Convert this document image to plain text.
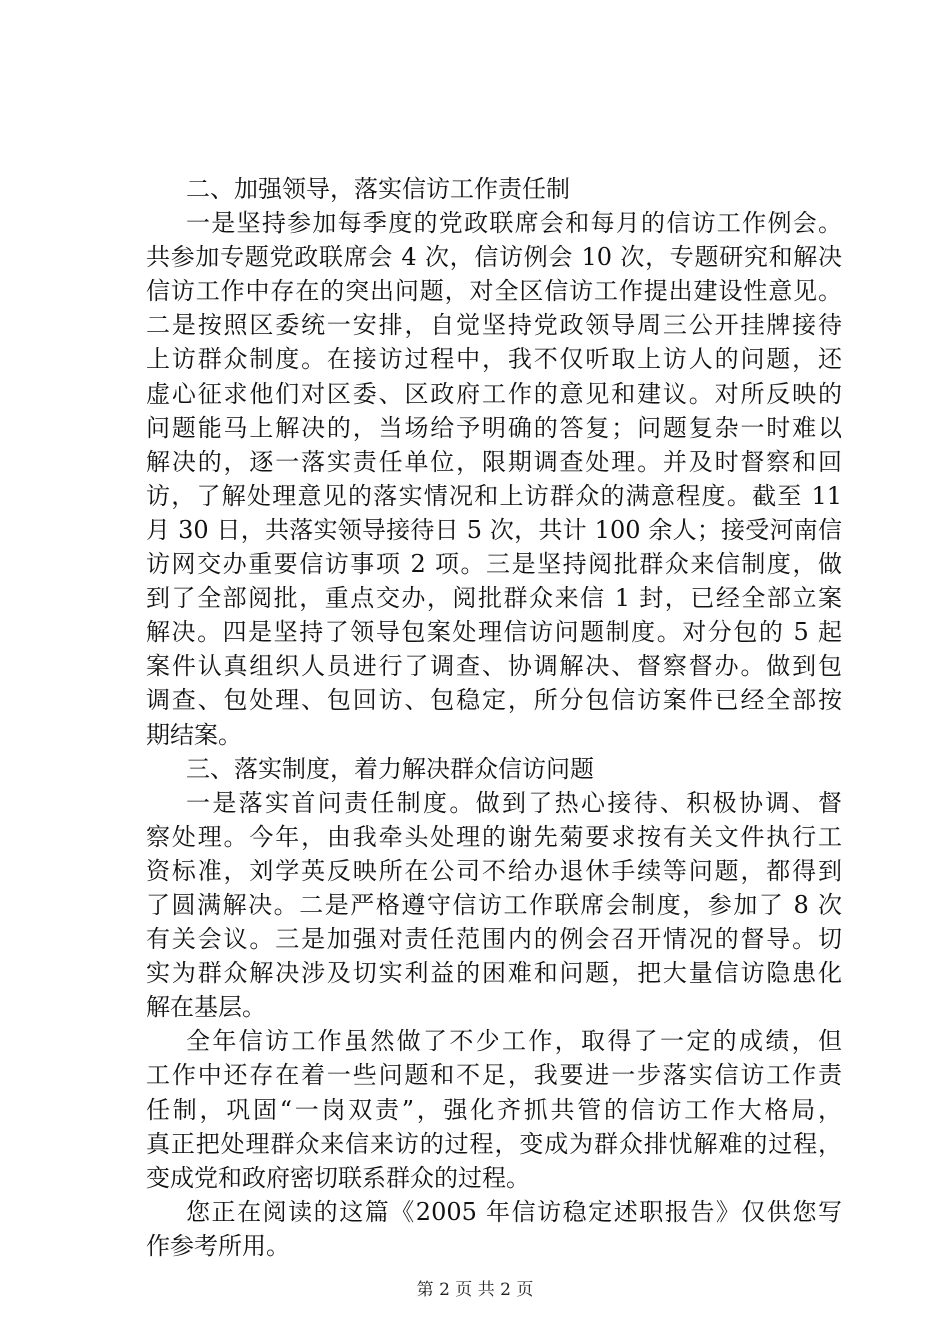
二、加强领导，落实信访工作责任制
一是坚持参加每季度的党政联席会和每月的信访工作例会。
共参加专题党政联席会 4 次，信访例会 10 次，专题研究和解决
信访工作中存在的突出问题，对全区信访工作提出建设性意见。
二是按照区委统一安排，自觉坚持党政领导周三公开挂牌接待
上访群众制度。在接访过程中，我不仅听取上访人的问题，还
虚心征求他们对区委、区政府工作的意见和建议。对所反映的
问题能马上解决的，当场给予明确的答复；问题复杂一时难以
解决的，逐一落实责任单位，限期调查处理。并及时督察和回
访，了解处理意见的落实情况和上访群众的满意程度。截至 11
月 30 日，共落实领导接待日 5 次，共计 100 余人；接受河南信
访网交办重要信访事项 2 项。三是坚持阅批群众来信制度，做
到了全部阅批，重点交办，阅批群众来信 1 封，已经全部立案
解决。四是坚持了领导包案处理信访问题制度。对分包的 5 起
案件认真组织人员进行了调查、协调解决、督察督办。做到包
调查、包处理、包回访、包稳定，所分包信访案件已经全部按
期结案。
三、落实制度，着力解决群众信访问题
一是落实首问责任制度。做到了热心接待、积极协调、督
察处理。今年，由我牵头处理的谢先菊要求按有关文件执行工
资标准，刘学英反映所在公司不给办退休手续等问题，都得到
了圆满解决。二是严格遵守信访工作联席会制度，参加了 8 次
有关会议。三是加强对责任范围内的例会召开情况的督导。切
实为群众解决涉及切实利益的困难和问题，把大量信访隐患化
解在基层。
全年信访工作虽然做了不少工作，取得了一定的成绩，但
工作中还存在着一些问题和不足，我要进一步落实信访工作责
任制，巩固“一岗双责”，强化齐抓共管的信访工作大格局，
真正把处理群众来信来访的过程，变成为群众排忧解难的过程，
变成党和政府密切联系群众的过程。
您正在阅读的这篇《2005 年信访稳定述职报告》仅供您写
作参考所用。
第 2 页 共 2 页
